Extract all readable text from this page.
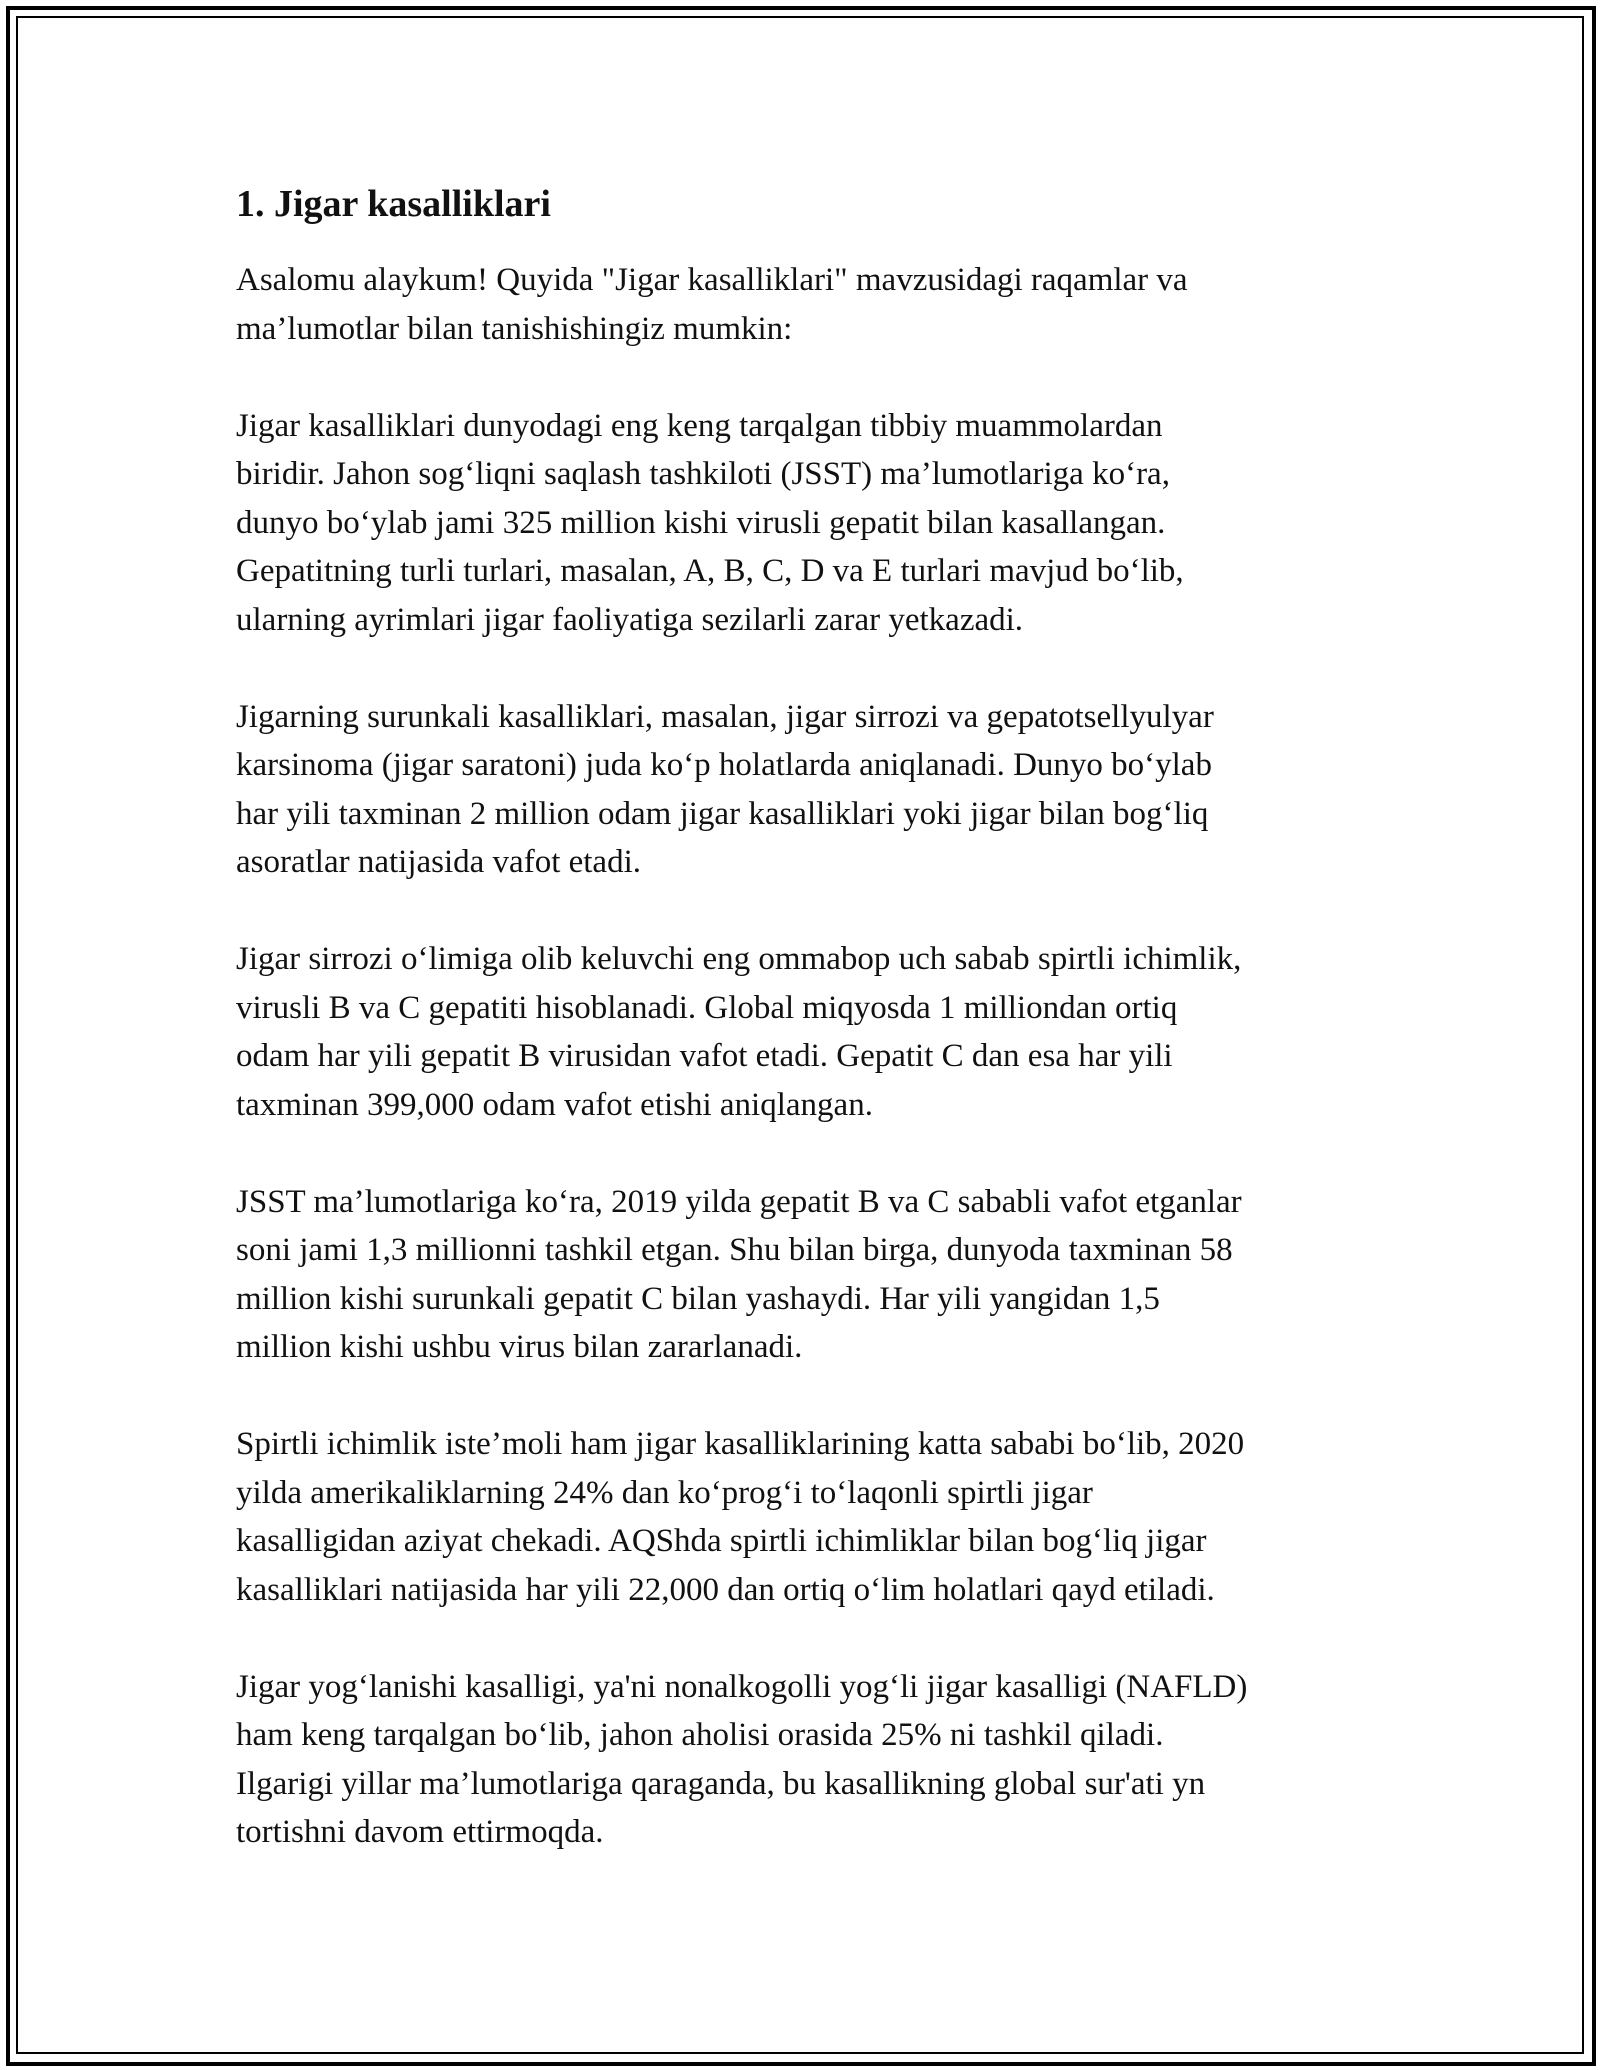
1. Jigar kasalliklari

Asalomu alaykum! Quyida "Jigar kasalliklari" mavzusidagi raqamlar va
ma’lumotlar bilan tanishishingiz mumkin:

Jigar kasalliklari dunyodagi eng keng tarqalgan tibbiy muammolardan
biridir. Jahon sog‘liqni saqlash tashkiloti (JSST) ma’lumotlariga ko‘ra,
dunyo bo‘ylab jami 325 million kishi virusli gepatit bilan kasallangan.
Gepatitning turli turlari, masalan, A, B, C, D va E turlari mavjud bo‘lib,
ularning ayrimlari jigar faoliyatiga sezilarli zarar yetkazadi.

Jigarning surunkali kasalliklari, masalan, jigar sirrozi va gepatotsellyulyar
karsinoma (jigar saratoni) juda ko‘p holatlarda aniqlanadi. Dunyo bo‘ylab
har yili taxminan 2 million odam jigar kasalliklari yoki jigar bilan bog‘liq
asoratlar natijasida vafot etadi.

Jigar sirrozi o‘limiga olib keluvchi eng ommabop uch sabab spirtli ichimlik,
virusli B va C gepatiti hisoblanadi. Global miqyosda 1 milliondan ortiq
odam har yili gepatit B virusidan vafot etadi. Gepatit C dan esa har yili
taxminan 399,000 odam vafot etishi aniqlangan.

JSST ma’lumotlariga ko‘ra, 2019 yilda gepatit B va C sababli vafot etganlar
soni jami 1,3 millionni tashkil etgan. Shu bilan birga, dunyoda taxminan 58
million kishi surunkali gepatit C bilan yashaydi. Har yili yangidan 1,5
million kishi ushbu virus bilan zararlanadi.

Spirtli ichimlik iste’moli ham jigar kasalliklarining katta sababi bo‘lib, 2020
yilda amerikaliklarning 24% dan ko‘prog‘i to‘laqonli spirtli jigar
kasalligidan aziyat chekadi. AQShda spirtli ichimliklar bilan bog‘liq jigar
kasalliklari natijasida har yili 22,000 dan ortiq o‘lim holatlari qayd etiladi.

Jigar yog‘lanishi kasalligi, ya'ni nonalkogolli yog‘li jigar kasalligi (NAFLD)
ham keng tarqalgan bo‘lib, jahon aholisi orasida 25% ni tashkil qiladi.
Ilgarigi yillar ma’lumotlariga qaraganda, bu kasallikning global sur'ati yn
tortishni davom ettirmoqda.
